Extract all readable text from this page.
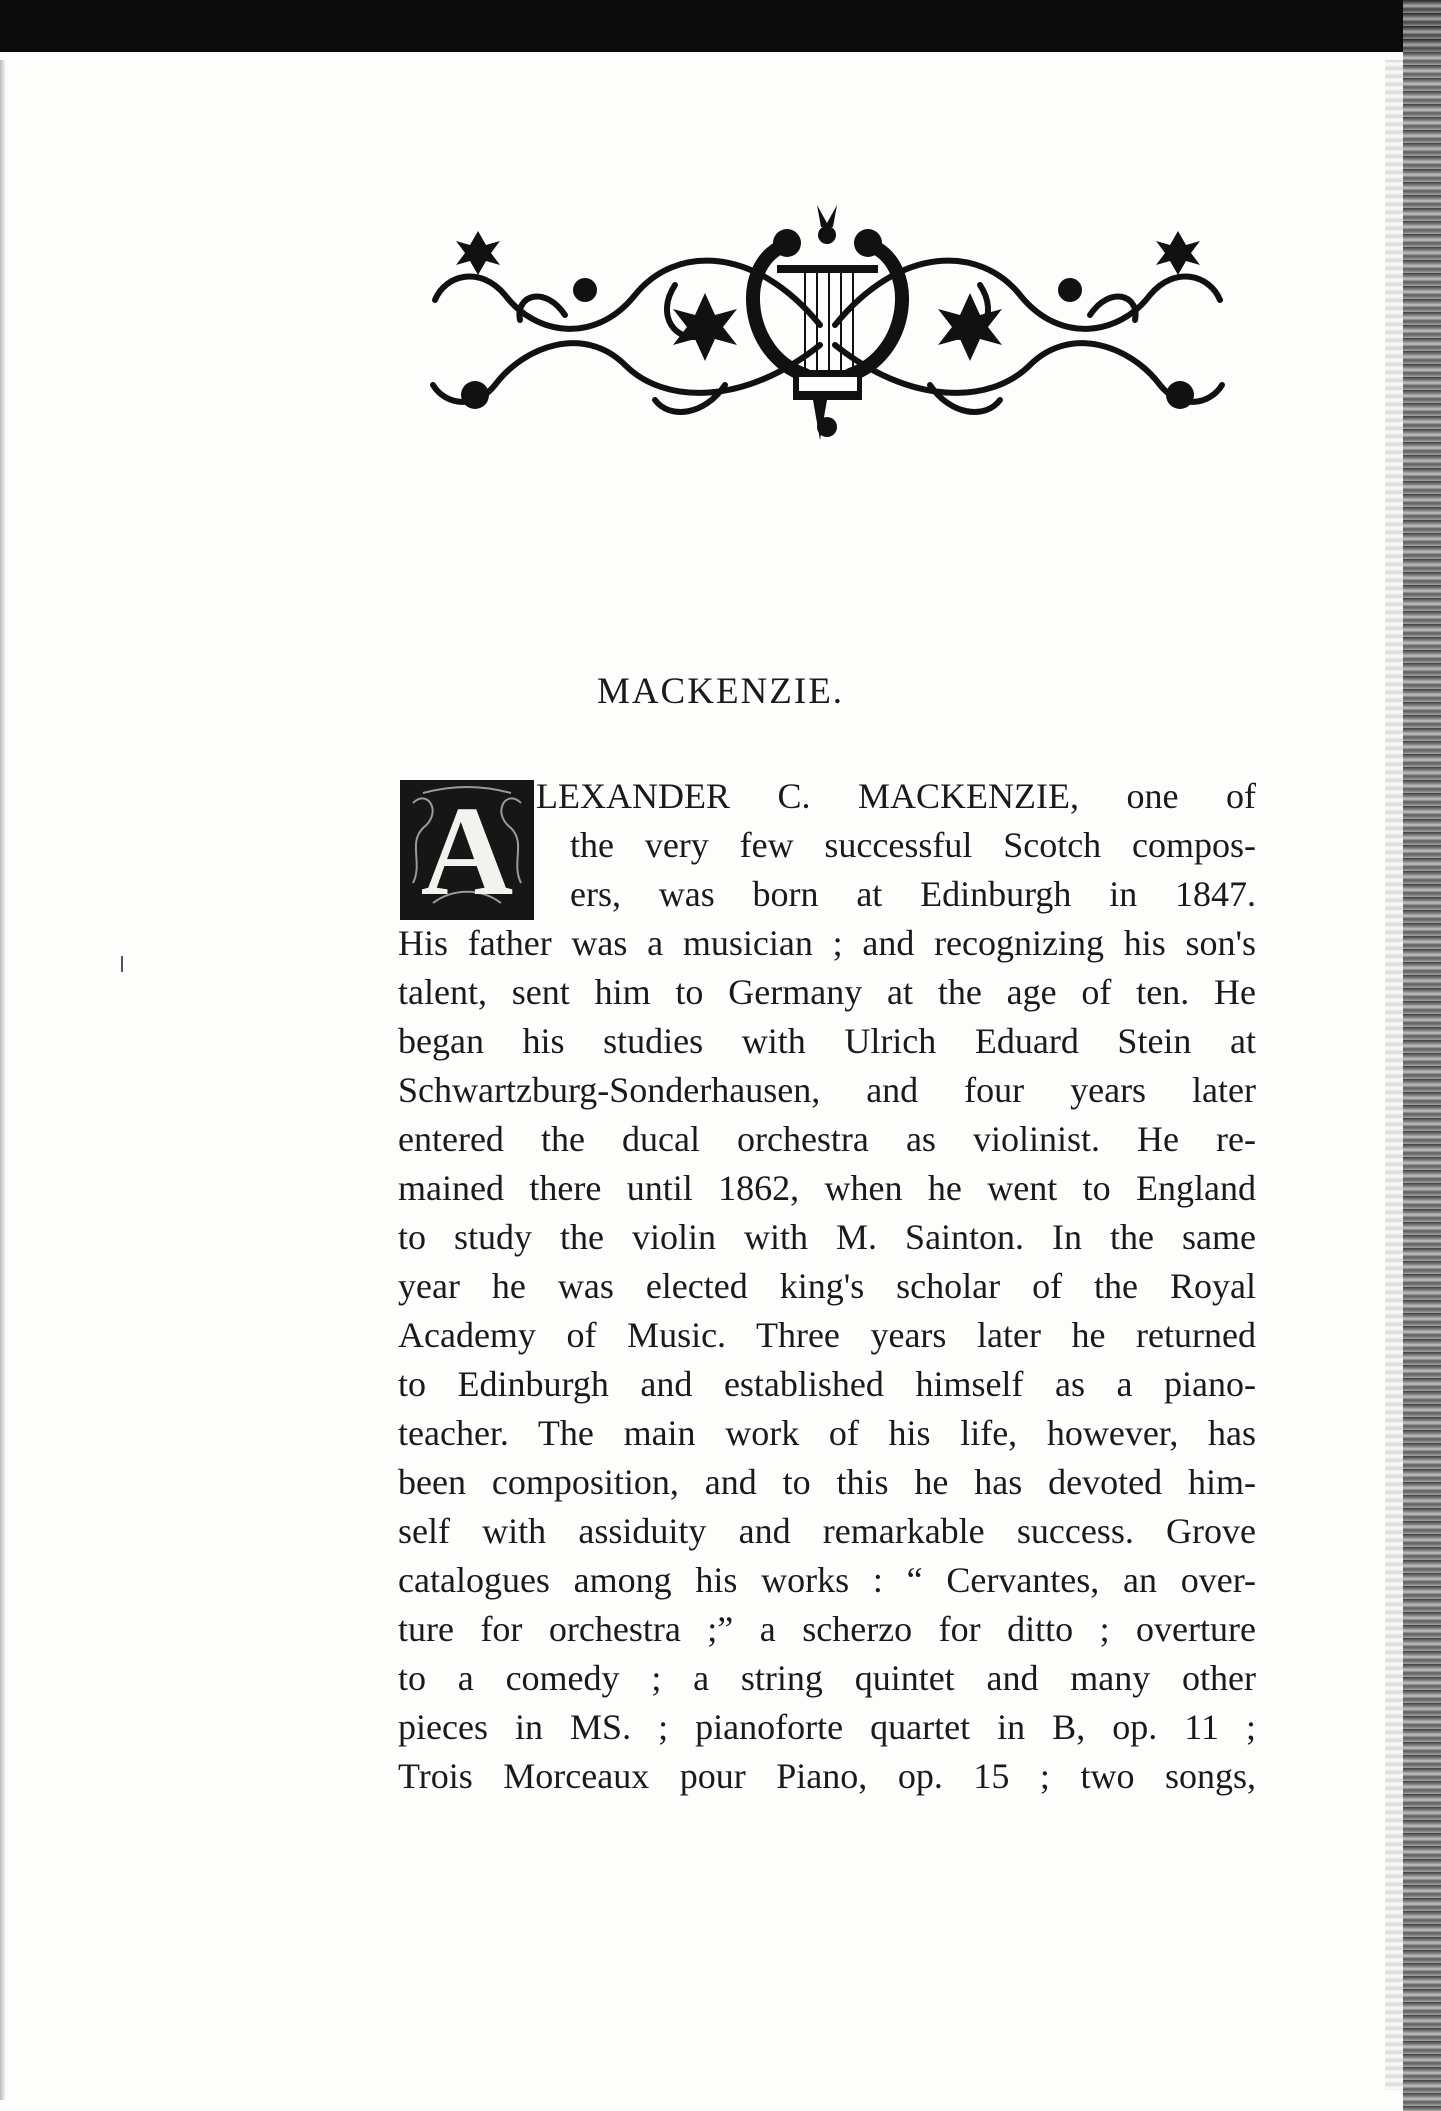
MACKENZIE.
A LEXANDER C. MACKENZIE, one of
the very few successful Scotch compos-
ers, was born at Edinburgh in 1847.
His father was a musician ; and recognizing his son's
talent, sent him to Germany at the age of ten. He
began his studies with Ulrich Eduard Stein at
Schwartzburg-Sonderhausen, and four years later
entered the ducal orchestra as violinist. He re-
mained there until 1862, when he went to England
to study the violin with M. Sainton. In the same
year he was elected king's scholar of the Royal
Academy of Music. Three years later he returned
to Edinburgh and established himself as a piano-
teacher. The main work of his life, however, has
been composition, and to this he has devoted him-
self with assiduity and remarkable success. Grove
catalogues among his works : “ Cervantes, an over-
ture for orchestra ;” a scherzo for ditto ; overture
to a comedy ; a string quintet and many other
pieces in MS. ; pianoforte quartet in B, op. 11 ;
Trois Morceaux pour Piano, op. 15 ; two songs,
